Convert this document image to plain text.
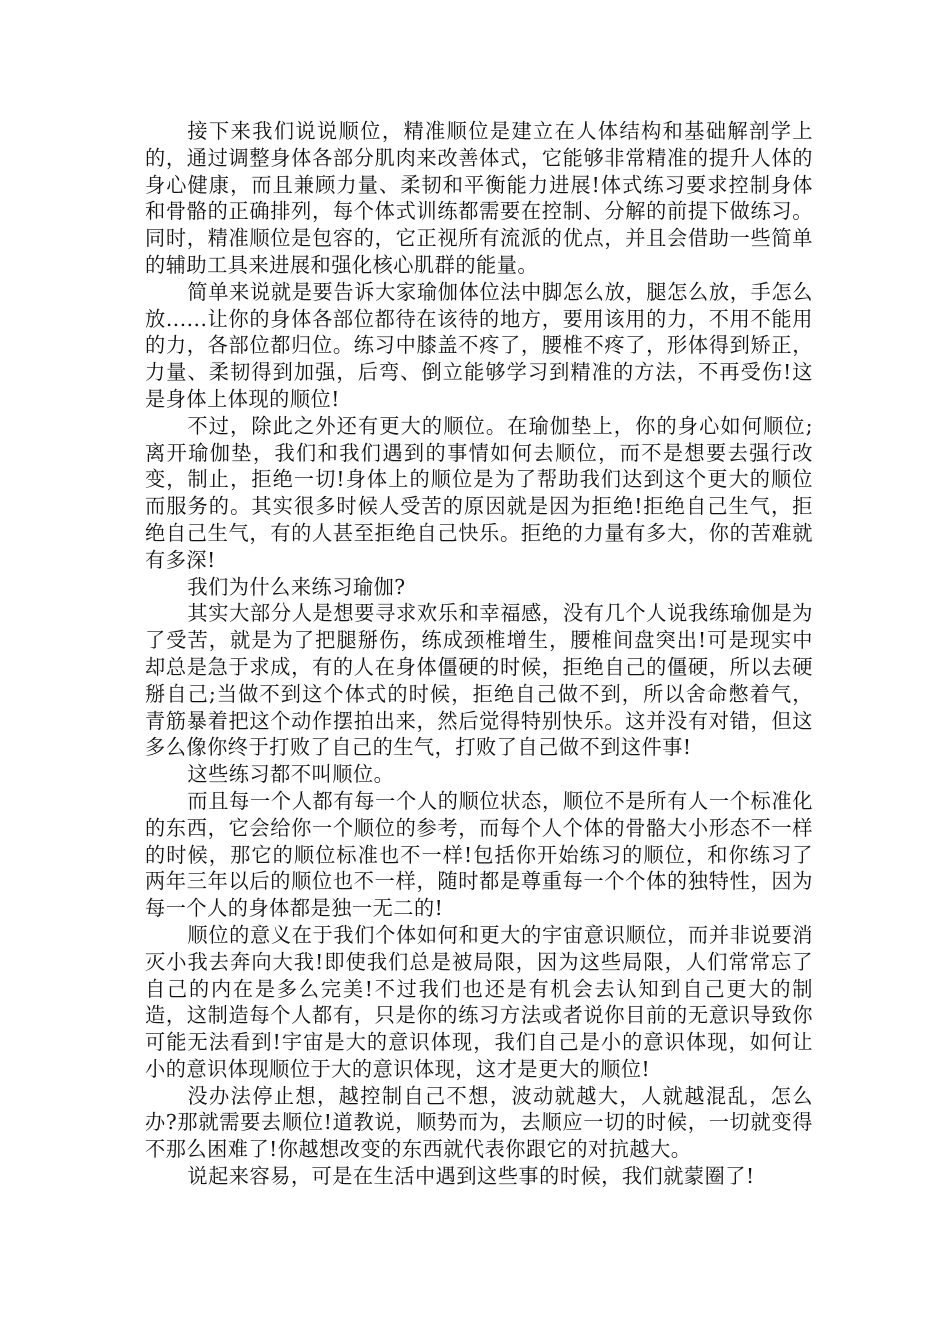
接下来我们说说顺位，精准顺位是建立在人体结构和基础解剖学上的，通过调整身体各部分肌肉来改善体式，它能够非常精准的提升人体的身心健康，而且兼顾力量、柔韧和平衡能力进展!体式练习要求控制身体和骨骼的正确排列，每个体式训练都需要在控制、分解的前提下做练习。同时，精准顺位是包容的，它正视所有流派的优点，并且会借助一些简单的辅助工具来进展和强化核心肌群的能量。

简单来说就是要告诉大家瑜伽体位法中脚怎么放，腿怎么放，手怎么放......让你的身体各部位都待在该待的地方，要用该用的力，不用不能用的力，各部位都归位。练习中膝盖不疼了，腰椎不疼了，形体得到矫正，力量、柔韧得到加强，后弯、倒立能够学习到精准的方法，不再受伤!这是身体上体现的顺位!

不过，除此之外还有更大的顺位。在瑜伽垫上，你的身心如何顺位;离开瑜伽垫，我们和我们遇到的事情如何去顺位，而不是想要去强行改变，制止，拒绝一切!身体上的顺位是为了帮助我们达到这个更大的顺位而服务的。其实很多时候人受苦的原因就是因为拒绝!拒绝自己生气，拒绝自己生气，有的人甚至拒绝自己快乐。拒绝的力量有多大，你的苦难就有多深!

我们为什么来练习瑜伽?

其实大部分人是想要寻求欢乐和幸福感，没有几个人说我练瑜伽是为了受苦，就是为了把腿掰伤，练成颈椎增生，腰椎间盘突出!可是现实中却总是急于求成，有的人在身体僵硬的时候，拒绝自己的僵硬，所以去硬掰自己;当做不到这个体式的时候，拒绝自己做不到，所以舍命憋着气，青筋暴着把这个动作摆拍出来，然后觉得特别快乐。这并没有对错，但这多么像你终于打败了自己的生气，打败了自己做不到这件事!

这些练习都不叫顺位。

而且每一个人都有每一个人的顺位状态，顺位不是所有人一个标准化的东西，它会给你一个顺位的参考，而每个人个体的骨骼大小形态不一样的时候，那它的顺位标准也不一样!包括你开始练习的顺位，和你练习了两年三年以后的顺位也不一样，随时都是尊重每一个个体的独特性，因为每一个人的身体都是独一无二的!

顺位的意义在于我们个体如何和更大的宇宙意识顺位，而并非说要消灭小我去奔向大我!即使我们总是被局限，因为这些局限，人们常常忘了自己的内在是多么完美!不过我们也还是有机会去认知到自己更大的制造，这制造每个人都有，只是你的练习方法或者说你目前的无意识导致你可能无法看到!宇宙是大的意识体现，我们自己是小的意识体现，如何让小的意识体现顺位于大的意识体现，这才是更大的顺位!

没办法停止想，越控制自己不想，波动就越大，人就越混乱，怎么办?那就需要去顺位!道教说，顺势而为，去顺应一切的时候，一切就变得不那么困难了!你越想改变的东西就代表你跟它的对抗越大。

说起来容易，可是在生活中遇到这些事的时候，我们就蒙圈了!
